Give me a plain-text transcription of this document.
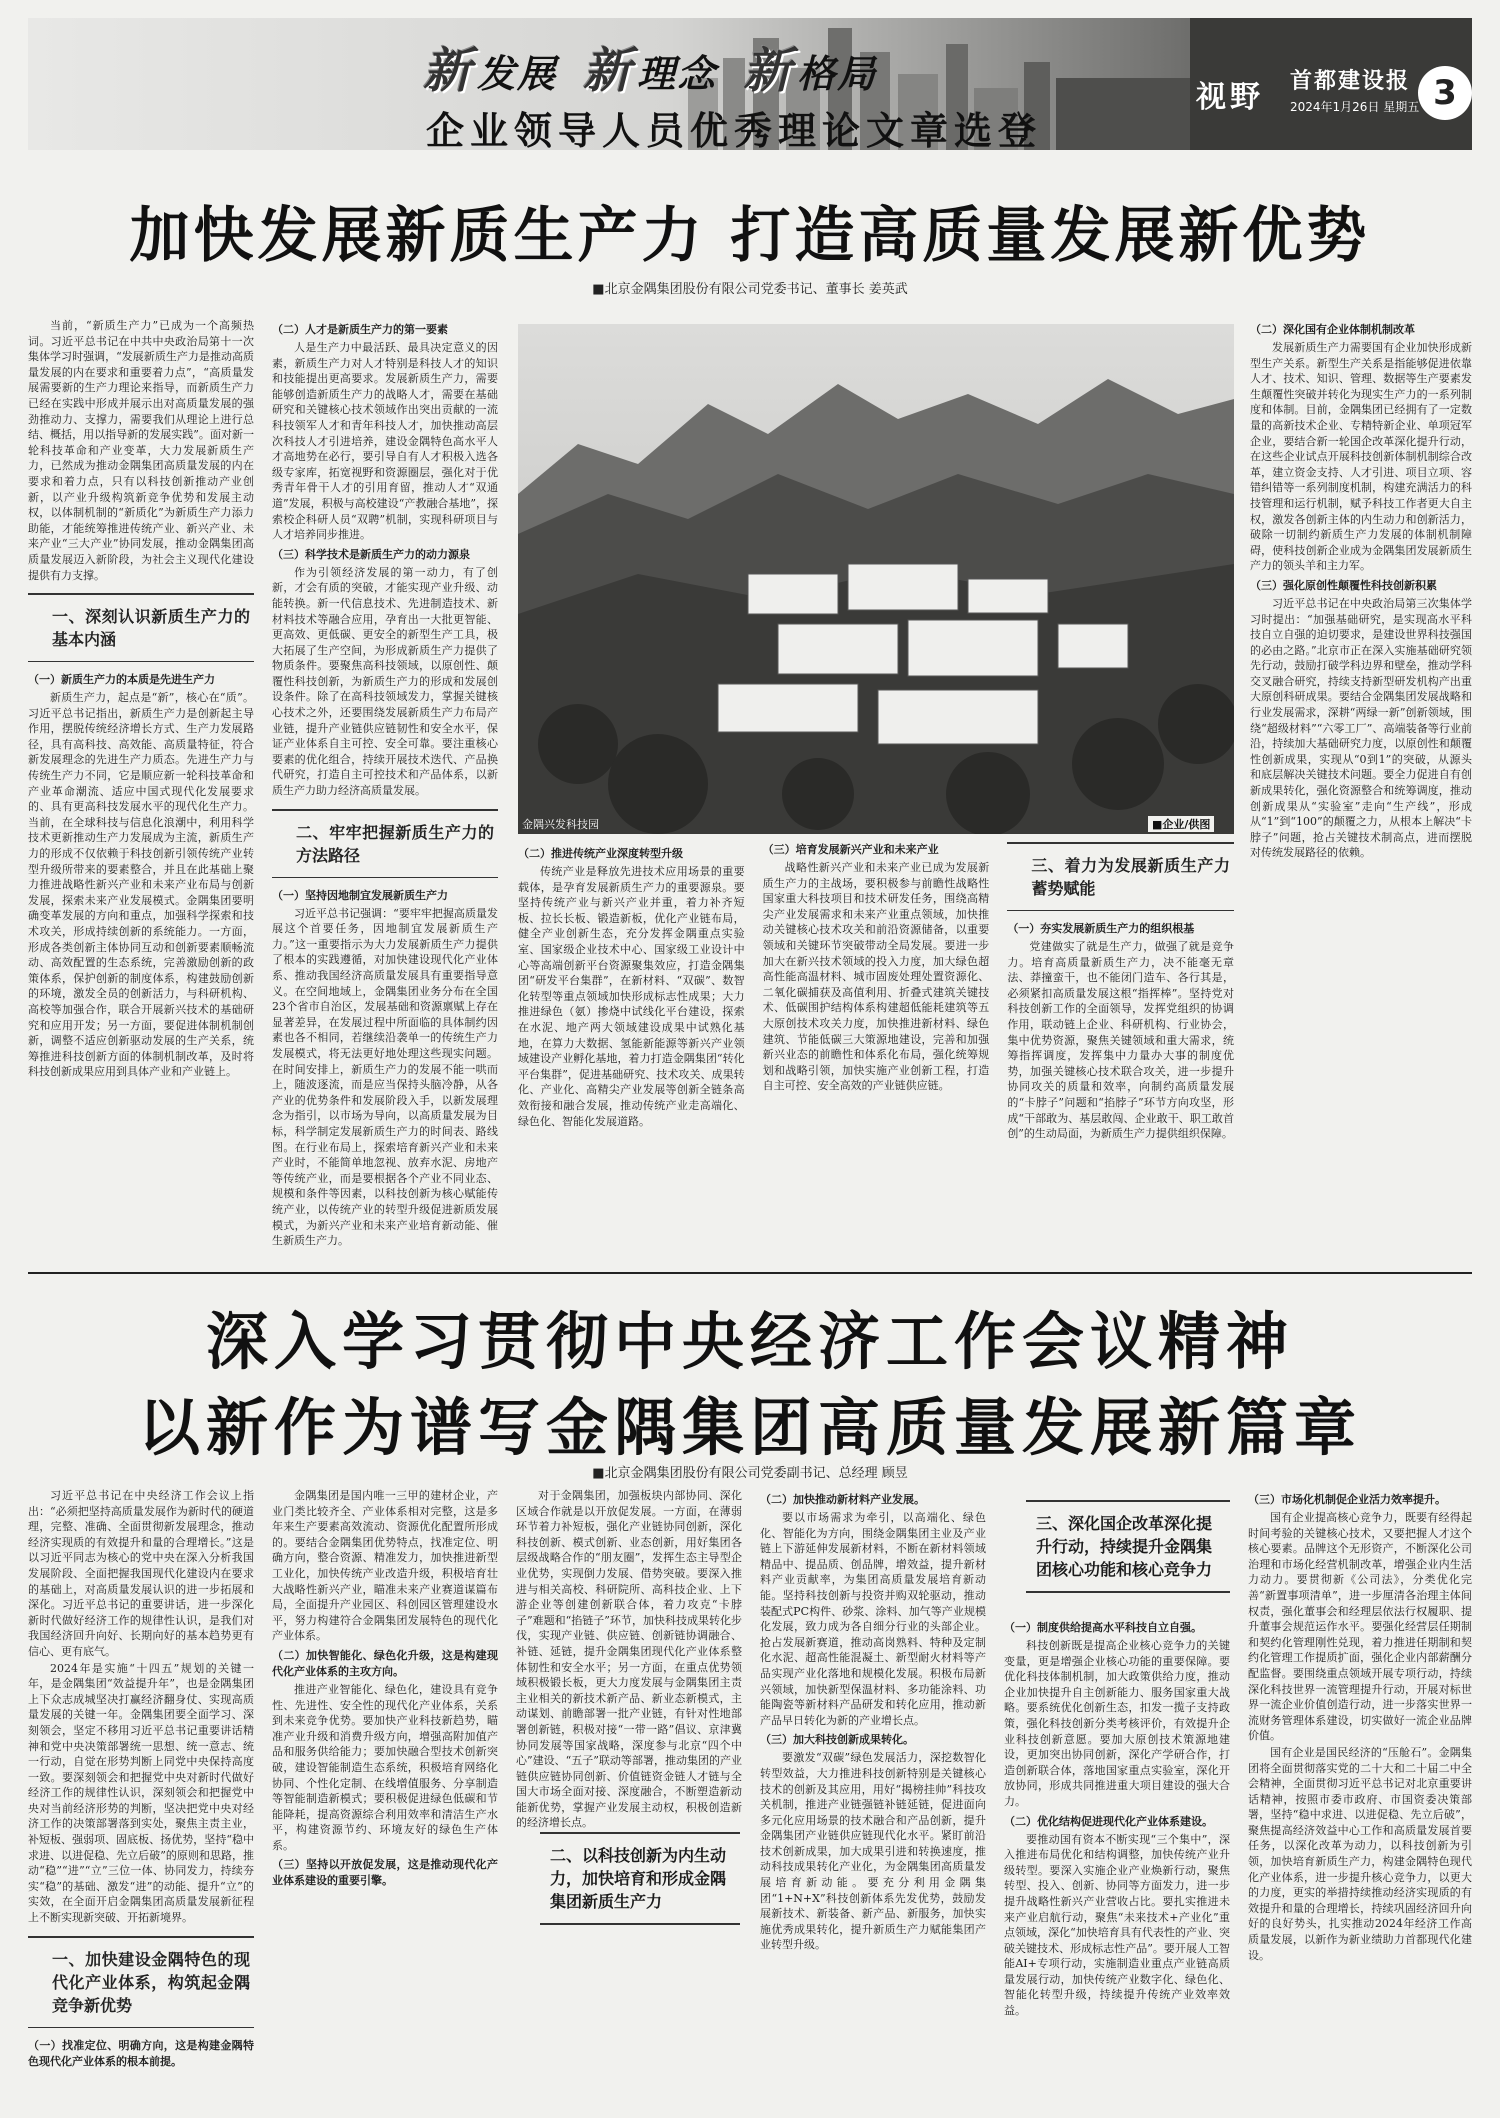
新 发展 新 理念 新 格局
企业领导人员优秀理论文章选登
视野 首都建设报
2024年1月26日 星期五 3
加快发展新质生产力 打造高质量发展新优势
■北京金隅集团股份有限公司党委书记、董事长 姜英武
金隅兴发科技园	■企业/供图

当前，“新质生产力”已成为一个高频热词。习近平总书记在中共中央政治局第十一次集体学习时强调，“发展新质生产力是推动高质量发展的内在要求和重要着力点”，“高质量发展需要新的生产力理论来指导，而新质生产力已经在实践中形成并展示出对高质量发展的强劲推动力、支撑力，需要我们从理论上进行总结、概括，用以指导新的发展实践”。面对新一轮科技革命和产业变革，大力发展新质生产力，已然成为推动金隅集团高质量发展的内在要求和着力点，只有以科技创新推动产业创新，以产业升级构筑新竞争优势和发展主动权，以体制机制的“新质化”为新质生产力添力助能，才能统筹推进传统产业、新兴产业、未来产业“三大产业”协同发展，推动金隅集团高质量发展迈入新阶段，为社会主义现代化建设提供有力支撑。

一、深刻认识新质生产力的基本内涵
（一）新质生产力的本质是先进生产力

新质生产力，起点是“新”，核心在“质”。习近平总书记指出，新质生产力是创新起主导作用，摆脱传统经济增长方式、生产力发展路径，具有高科技、高效能、高质量特征，符合新发展理念的先进生产力质态。先进生产力与传统生产力不同，它是顺应新一轮科技革命和产业革命潮流、适应中国式现代化发展要求的、具有更高科技发展水平的现代化生产力。当前，在全球科技与信息化浪潮中，利用科学技术更新推动生产力发展成为主流，新质生产力的形成不仅依赖于科技创新引领传统产业转型升级所带来的要素整合，并且在此基础上聚力推进战略性新兴产业和未来产业布局与创新发展，探索未来产业发展模式。金隅集团要明确变革发展的方向和重点，加强科学探索和技术攻关，形成持续创新的系统能力。一方面，形成各类创新主体协同互动和创新要素顺畅流动、高效配置的生态系统，完善激励创新的政策体系，保护创新的制度体系，构建鼓励创新的环境，激发全员的创新活力，与科研机构、高校等加强合作，联合开展新兴技术的基础研究和应用开发；另一方面，要促进体制机制创新，调整不适应创新驱动发展的生产关系，统筹推进科技创新方面的体制机制改革，及时将科技创新成果应用到具体产业和产业链上。

（二）人才是新质生产力的第一要素

人是生产力中最活跃、最具决定意义的因素，新质生产力对人才特别是科技人才的知识和技能提出更高要求。发展新质生产力，需要能够创造新质生产力的战略人才，需要在基础研究和关键核心技术领域作出突出贡献的一流科技领军人才和青年科技人才，加快推动高层次科技人才引进培养，建设金隅特色高水平人才高地势在必行，要引导自有人才积极入选各级专家库，拓宽视野和资源圈层，强化对于优秀青年骨干人才的引用育留，推动人才“双通道”发展，积极与高校建设“产教融合基地”，探索校企科研人员“双聘”机制，实现科研项目与人才培养同步推进。

（三）科学技术是新质生产力的动力源泉

作为引领经济发展的第一动力，有了创新，才会有质的突破，才能实现产业升级、动能转换。新一代信息技术、先进制造技术、新材料技术等融合应用，孕育出一大批更智能、更高效、更低碳、更安全的新型生产工具，极大拓展了生产空间，为形成新质生产力提供了物质条件。要聚焦高科技领域，以原创性、颠覆性科技创新，为新质生产力的形成和发展创设条件。除了在高科技领域发力，掌握关键核心技术之外，还要围绕发展新质生产力布局产业链，提升产业链供应链韧性和安全水平，保证产业体系自主可控、安全可靠。要注重核心要素的优化组合，持续开展技术迭代、产品换代研究，打造自主可控技术和产品体系，以新质生产力助力经济高质量发展。

二、牢牢把握新质生产力的方法路径
（一）坚持因地制宜发展新质生产力

习近平总书记强调：“要牢牢把握高质量发展这个首要任务，因地制宜发展新质生产力。”这一重要指示为大力发展新质生产力提供了根本的实践遵循，对加快建设现代化产业体系、推动我国经济高质量发展具有重要指导意义。在空间地域上，金隅集团业务分布在全国23个省市自治区，发展基础和资源禀赋上存在显著差异，在发展过程中所面临的具体制约因素也各不相同，若继续沿袭单一的传统生产力发展模式，将无法更好地处理这些现实问题。在时间安排上，新质生产力的发展不能一哄而上，随波逐流，而是应当保持头脑冷静，从各产业的优势条件和发展阶段入手，以新发展理念为指引，以市场为导向，以高质量发展为目标，科学制定发展新质生产力的时间表、路线图。在行业布局上，探索培育新兴产业和未来产业时，不能简单地忽视、放弃水泥、房地产等传统产业，而是要根据各个产业不同业态、规模和条件等因素，以科技创新为核心赋能传统产业，以传统产业的转型升级促进新质发展模式，为新兴产业和未来产业培育新动能、催生新质生产力。

（二）推进传统产业深度转型升级

传统产业是释放先进技术应用场景的重要载体，是孕育发展新质生产力的重要源泉。要坚持传统产业与新兴产业并重，着力补齐短板、拉长长板、锻造新板，优化产业链布局，健全产业创新生态，充分发挥金隅重点实验室、国家级企业技术中心、国家级工业设计中心等高端创新平台资源聚集效应，打造金隅集团“研发平台集群”，在新材料、“双碳”、数智化转型等重点领域加快形成标志性成果；大力推进绿色（氨）掺烧中试线化平台建设，探索在水泥、地产两大领域建设成果中试熟化基地，在算力大数据、氢能新能源等新兴产业领域建设产业孵化基地，着力打造金隅集团“转化平台集群”，促进基础研究、技术攻关、成果转化、产业化、高精尖产业发展等创新全链条高效衔接和融合发展，推动传统产业走高端化、绿色化、智能化发展道路。

（三）培育发展新兴产业和未来产业

战略性新兴产业和未来产业已成为发展新质生产力的主战场，要积极参与前瞻性战略性国家重大科技项目和技术研发任务，围绕高精尖产业发展需求和未来产业重点领域，加快推动关键核心技术攻关和前沿资源储备，以重要领域和关键环节突破带动全局发展。要进一步加大在新兴技术领域的投入力度，加大绿色超高性能高温材料、城市固废处理处置资源化、二氧化碳捕获及高值利用、折叠式建筑关键技术、低碳围护结构体系构建超低能耗建筑等五大原创技术攻关力度，加快推进新材料、绿色建筑、节能低碳三大策源地建设，完善和加强新兴业态的前瞻性和体系化布局，强化统筹规划和战略引领，加快实施产业创新工程，打造自主可控、安全高效的产业链供应链。

三、着力为发展新质生产力蓄势赋能
（一）夯实发展新质生产力的组织根基

党建做实了就是生产力，做强了就是竞争力。培育高质量新质生产力，决不能毫无章法、莽撞蛮干，也不能闭门造车、各行其是，必须紧扣高质量发展这根“指挥棒”。坚持党对科技创新工作的全面领导，发挥党组织的协调作用，联动链上企业、科研机构、行业协会，集中优势资源，聚焦关键领域和重大需求，统筹指挥调度，发挥集中力量办大事的制度优势，加强关键核心技术联合攻关，进一步提升协同攻关的质量和效率，向制约高质量发展的“卡脖子”问题和“掐脖子”环节方向攻坚，形成“干部敢为、基层敢闯、企业敢干、职工敢首创”的生动局面，为新质生产力提供组织保障。

（二）深化国有企业体制机制改革

发展新质生产力需要国有企业加快形成新型生产关系。新型生产关系是指能够促进依靠人才、技术、知识、管理、数据等生产要素发生颠覆性突破并转化为现实生产力的一系列制度和体制。目前，金隅集团已经拥有了一定数量的高新技术企业、专精特新企业、单项冠军企业，要结合新一轮国企改革深化提升行动，在这些企业试点开展科技创新体制机制综合改革，建立资金支持、人才引进、项目立项、容错纠错等一系列制度机制，构建充满活力的科技管理和运行机制，赋予科技工作者更大自主权，激发各创新主体的内生动力和创新活力，破除一切制约新质生产力发展的体制机制障碍，使科技创新企业成为金隅集团发展新质生产力的领头羊和主力军。

（三）强化原创性颠覆性科技创新积累

习近平总书记在中央政治局第三次集体学习时提出：“加强基础研究，是实现高水平科技自立自强的迫切要求，是建设世界科技强国的必由之路。”北京市正在深入实施基础研究领先行动，鼓励打破学科边界和壁垒，推动学科交叉融合研究，持续支持新型研发机构产出重大原创科研成果。要结合金隅集团发展战略和行业发展需求，深耕“两绿一新”创新领域，围绕“超级材料”“六零工厂”、高端装备等行业前沿，持续加大基础研究力度，以原创性和颠覆性创新成果，实现从“0到1”的突破，从源头和底层解决关键技术问题。要全力促进自有创新成果转化，强化资源整合和统筹调度，推动创新成果从“实验室”走向“生产线”，形成从“1”到“100”的颠覆之力，从根本上解决“卡脖子”问题，抢占关键技术制高点，进而摆脱对传统发展路径的依赖。

深入学习贯彻中央经济工作会议精神
以新作为谱写金隅集团高质量发展新篇章
■北京金隅集团股份有限公司党委副书记、总经理 顾昱

习近平总书记在中央经济工作会议上指出：“必须把坚持高质量发展作为新时代的硬道理，完整、准确、全面贯彻新发展理念，推动经济实现质的有效提升和量的合理增长。”这是以习近平同志为核心的党中央在深入分析我国发展阶段、全面把握我国现代化建设内在要求的基础上，对高质量发展认识的进一步拓展和深化。习近平总书记的重要讲话，进一步深化新时代做好经济工作的规律性认识，是我们对我国经济回升向好、长期向好的基本趋势更有信心、更有底气。

2024年是实施“十四五”规划的关键一年，是金隅集团“效益提升年”，也是金隅集团上下众志成城坚决打赢经济翻身仗、实现高质量发展的关键一年。金隅集团要全面学习、深刻领会，坚定不移用习近平总书记重要讲话精神和党中央决策部署统一思想、统一意志、统一行动，自觉在形势判断上同党中央保持高度一致。要深刻领会和把握党中央对新时代做好经济工作的规律性认识，深刻领会和把握党中央对当前经济形势的判断，坚决把党中央对经济工作的决策部署落到实处，聚焦主责主业，补短板、强弱项、固底板、扬优势，坚持“稳中求进、以进促稳、先立后破”的原则和思路，推动“稳”“进”“立”三位一体、协同发力，持续夯实“稳”的基础、激发“进”的动能、提升“立”的实效，在全面开启金隅集团高质量发展新征程上不断实现新突破、开拓新境界。

一、加快建设金隅特色的现代化产业体系，构筑起金隅竞争新优势
（一）找准定位、明确方向，这是构建金隅特色现代化产业体系的根本前提。

金隅集团是国内唯一三甲的建材企业，产业门类比较齐全、产业体系相对完整，这是多年来生产要素高效流动、资源优化配置所形成的。要结合金隅集团优势特点，找准定位、明确方向，整合资源、精准发力，加快推进新型工业化，加快传统产业改造升级，积极培育壮大战略性新兴产业，瞄准未来产业赛道谋篇布局，全面提升产业园区、科创园区管理建设水平，努力构建符合金隅集团发展特色的现代化产业体系。

（二）加快智能化、绿色化升级，这是构建现代化产业体系的主攻方向。

推进产业智能化、绿色化，建设具有竞争性、先进性、安全性的现代化产业体系，关系到未来竞争优势。要加快产业科技新趋势，瞄准产业升级和消费升级方向，增强高附加值产品和服务供给能力；要加快融合型技术创新突破，建设智能制造生态系统，积极培育网络化协同、个性化定制、在线增值服务、分享制造等智能制造新模式；要积极促进绿色低碳和节能降耗，提高资源综合利用效率和清洁生产水平，构建资源节约、环境友好的绿色生产体系。

（三）坚持以开放促发展，这是推动现代化产业体系建设的重要引擎。

对于金隅集团，加强板块内部协同、深化区域合作就是以开放促发展。一方面，在薄弱环节着力补短板，强化产业链协同创新，深化科技创新、模式创新、业态创新，用好集团各层级战略合作的“朋友圈”，发挥生态主导型企业优势，实现倒力发展、借势突破。要深入推进与相关高校、科研院所、高科技企业、上下游企业等创建创新联合体，着力攻克“卡脖子”难题和“掐链子”环节，加快科技成果转化步伐，实现产业链、供应链、创新链协调融合、补链、延链，提升金隅集团现代化产业体系整体韧性和安全水平；另一方面，在重点优势领域积极锻长板，更大力度发展与金隅集团主责主业相关的新技术新产品、新业态新模式，主动谋划、前瞻部署一批产业链，有针对性地部署创新链，积极对接“一带一路”倡议、京津冀协同发展等国家战略，深度参与北京“四个中心”建设、“五子”联动等部署，推动集团的产业链供应链协同创新、价值链资金链人才链与全国大市场全面对接、深度融合，不断塑造新动能新优势，掌握产业发展主动权，积极创造新的经济增长点。

（二）加快推动新材料产业发展。

要以市场需求为牵引，以高端化、绿色化、智能化为方向，围绕金隅集团主业及产业链上下游延伸发展新材料，不断在新材料领域精品中、提品质、创品牌，增效益，提升新材料产业贡献率，为集团高质量发展培育新动能。坚持科技创新与投资并购双轮驱动，推动装配式PC构件、砂浆、涂料、加气等产业规模化发展，致力成为各自细分行业的头部企业。抢占发展新赛道，推动高岗熟料、特种及定制化水泥、超高性能混凝土、新型耐火材料等产品实现产业化落地和规模化发展。积极布局新兴领域，加快新型保温材料、多功能涂料、功能陶瓷等新材料产品研发和转化应用，推动新产品早日转化为新的产业增长点。

（三）加大科技创新成果转化。

要激发“双碳”绿色发展活力，深挖数智化转型效益，大力推进科技创新特别是关键核心技术的创新及其应用，用好“揭榜挂帅”科技攻关机制，推进产业链强链补链延链，促进面向多元化应用场景的技术融合和产品创新，提升金隅集团产业链供应链现代化水平。紧盯前沿技术创新成果，加大成果引进和转换速度，推动科技成果转化产业化，为金隅集团高质量发展培育新动能。要充分利用金隅集团“1+N+X”科技创新体系先发优势，鼓励发展新技术、新装备、新产品、新服务，加快实施优秀成果转化，提升新质生产力赋能集团产业转型升级。

（一）制度供给提高水平科技自立自强。

科技创新既是提高企业核心竞争力的关键变量，更是增强企业核心功能的重要保障。要优化科技体制机制，加大政策供给力度，推动企业加快提升自主创新能力、服务国家重大战略。要系统优化创新生态，扣发一揽子支持政策，强化科技创新分类考核评价，有效提升企业科技创新意愿。要加大原创技术策源地建设，更加突出协同创新，深化产学研合作，打造创新联合体，落地国家重点实验室，深化开放协同，形成共同推进重大项目建设的强大合力。

（二）优化结构促进现代化产业体系建设。

要推动国有资本不断实现“三个集中”，深入推进布局优化和结构调整，加快传统产业升级转型。要深入实施企业产业焕新行动，聚焦转型、投入、创新、协同等方面发力，进一步提升战略性新兴产业营收占比。要扎实推进未来产业启航行动，聚焦“未来技术+产业化”重点领域，深化“加快培育具有代表性的产业、突破关键技术、形成标志性产品”。要开展人工智能AI+专项行动，实施制造业重点产业链高质量发展行动，加快传统产业数字化、绿色化、智能化转型升级，持续提升传统产业效率效益。

（三）市场化机制促企业活力效率提升。

国有企业提高核心竞争力，既要有经得起时间考验的关键核心技术，又要把握人才这个核心要素。品牌这个无形资产，不断深化公司治理和市场化经营机制改革，增强企业内生活力动力。要贯彻新《公司法》，分类优化完善“新置事项清单”，进一步厘清各治理主体间权责，强化董事会和经理层依法行权履职、提升董事会规范运作水平。要强化经营层任期制和契约化管理刚性兑现，着力推进任期制和契约化管理工作提质扩面，强化企业内部薪酬分配监督。要围绕重点领域开展专项行动，持续深化科技世界一流管理提升行动，开展对标世界一流企业价值创造行动，进一步落实世界一流财务管理体系建设，切实做好一流企业品牌价值。

国有企业是国民经济的“压舱石”。金隅集团将全面贯彻落实党的二十大和二十届二中全会精神，全面贯彻习近平总书记对北京重要讲话精神，按照市委市政府、市国资委决策部署，坚持“稳中求进、以进促稳、先立后破”，聚焦提高经济效益中心工作和高质量发展首要任务，以深化改革为动力，以科技创新为引领，加快培育新质生产力，构建金隅特色现代化产业体系，进一步提升核心竞争力，以更大的力度，更实的举措持续推动经济实现质的有效提升和量的合理增长，持续巩固经济回升向好的良好势头，扎实推动2024年经济工作高质量发展，以新作为新业绩助力首都现代化建设。

二、以科技创新为内生动力，加快培育和形成金隅集团新质生产力
三、深化国企改革深化提升行动，持续提升金隅集团核心功能和核心竞争力
